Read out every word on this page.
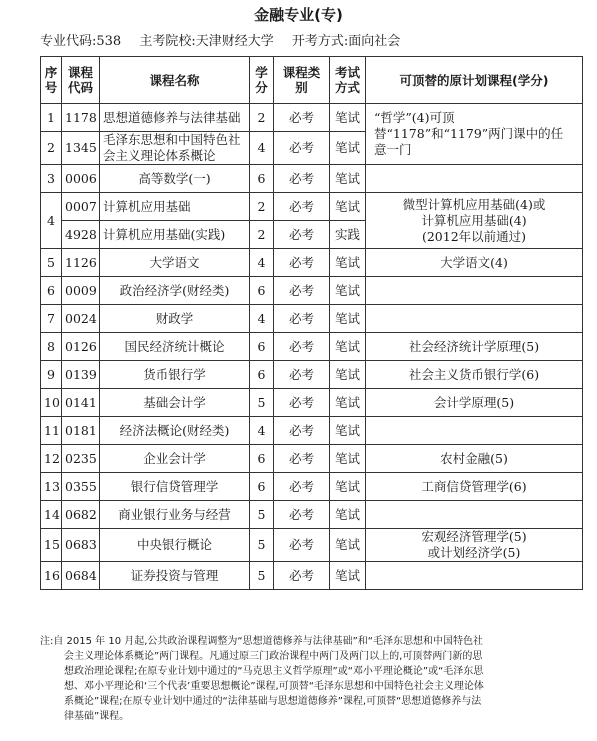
金融专业(专)
专业代码:538 主考院校:天津财经大学 开考方式:面向社会
序号	课程代码	课程名称	学分	课程类别	考试方式	可顶替的原计划课程(学分)
1	1178	思想道德修养与法律基础	2	必考	笔试	“哲学”(4)可顶替“1178”和“1179”两门课中的任意一门
2	1345	毛泽东思想和中国特色社会主义理论体系概论	4	必考	笔试	
3	0006	高等数学(一)	6	必考	笔试	
4	0007	计算机应用基础	2	必考	笔试	微型计算机应用基础(4)或
计算机应用基础(4)
(2012年以前通过)

	4928	计算机应用基础(实践)	2	必考	实践	
5	1126	大学语文	4	必考	笔试	大学语文(4)
6	0009	政治经济学(财经类)	6	必考	笔试	
7	0024	财政学	4	必考	笔试	
8	0126	国民经济统计概论	6	必考	笔试	社会经济统计学原理(5)
9	0139	货币银行学	6	必考	笔试	社会主义货币银行学(6)
10	0141	基础会计学	5	必考	笔试	会计学原理(5)
11	0181	经济法概论(财经类)	4	必考	笔试	
12	0235	企业会计学	6	必考	笔试	农村金融(5)
13	0355	银行信贷管理学	6	必考	笔试	工商信贷管理学(6)
14	0682	商业银行业务与经营	5	必考	笔试	
15	0683	中央银行概论	5	必考	笔试	宏观经济管理学(5)
或计划经济学(5)

16	0684	证券投资与管理	5	必考	笔试	
注:自 2015 年 10 月起,公共政治课程调整为“思想道德修养与法律基础”和“毛泽东思想和中国特色社
会主义理论体系概论”两门课程。凡通过原三门政治课程中两门及两门以上的,可顶替两门新的思
想政治理论课程;在原专业计划中通过的“马克思主义哲学原理”或“邓小平理论概论”或“毛泽东思
想、邓小平理论和‘三个代表’重要思想概论”课程,可顶替“毛泽东思想和中国特色社会主义理论体
系概论”课程;在原专业计划中通过的“法律基础与思想道德修养”课程,可顶替“思想道德修养与法
律基础”课程。
